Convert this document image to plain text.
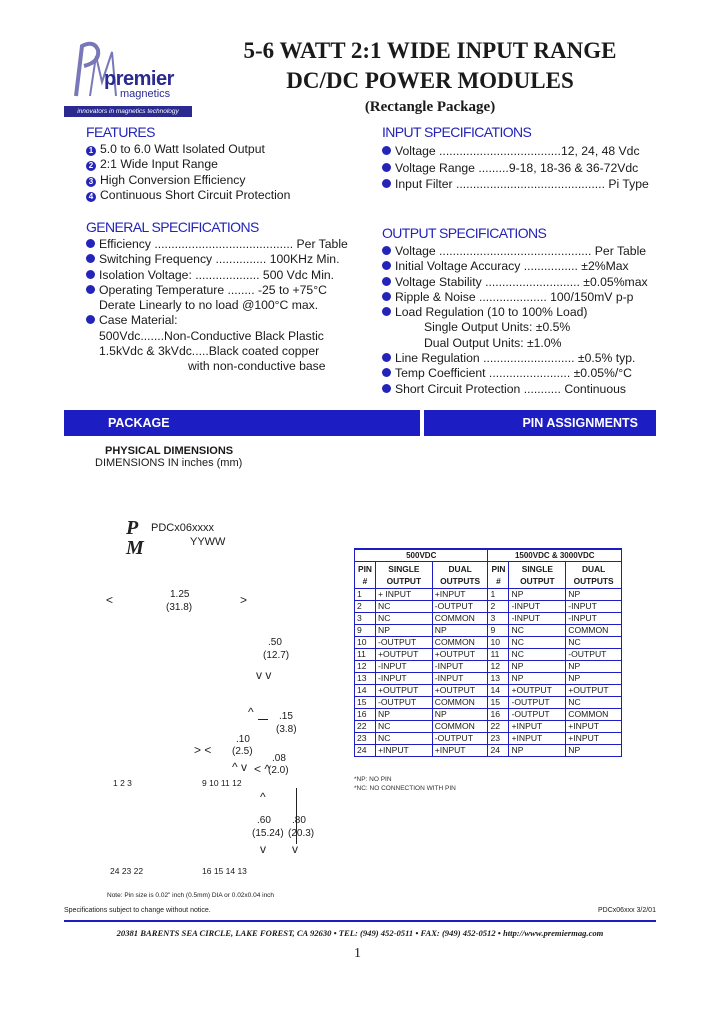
premier
magnetics
innovators in magnetics technology
5-6 WATT 2:1 WIDE INPUT RANGE
DC/DC POWER MODULES
(Rectangle Package)
FEATURES
1 5.0 to 6.0 Watt Isolated Output
2 2:1 Wide Input Range
3 High Conversion Efficiency
4 Continuous Short Circuit Protection
GENERAL SPECIFICATIONS
Efficiency ......................................... Per Table
Switching Frequency ............... 100KHz Min.
Isolation Voltage: ................... 500 Vdc Min.
Operating Temperature ........ -25 to +75°C
Derate Linearly to no load @100°C max.
Case Material:
500Vdc.......Non-Conductive Black Plastic
1.5kVdc & 3kVdc.....Black coated copper
with non-conductive base
INPUT SPECIFICATIONS
Voltage ....................................12, 24, 48 Vdc
Voltage Range .........9-18, 18-36 & 36-72Vdc
Input Filter ............................................ Pi Type
OUTPUT SPECIFICATIONS
Voltage ............................................. Per Table
Initial Voltage Accuracy ................ ±2%Max
Voltage Stability ............................ ±0.05%max
Ripple & Noise .................... 100/150mV p-p
Load Regulation (10 to 100% Load)
Single Output Units: ±0.5%
Dual Output Units: ±1.0%
Line Regulation ........................... ±0.5% typ.
Temp Coefficient ........................ ±0.05%/°C
Short Circuit Protection ........... Continuous
PACKAGE	PIN ASSIGNMENTS
PHYSICAL DIMENSIONS
DIMENSIONS IN inches (mm)
PM
PDCx06xxxx
YYWW
<	>
1.25
(31.8)
.50
(12.7)
v v
^	.15
(3.8)
.10
(2.5)
> <
^ v
.08
(2.0)
< ^
1 2 3	9 10 11 12
^
.60
(15.24)
.80
(20.3)
v v
24 23 22	16 15 14 13
Note: Pin size is 0.02" inch (0.5mm) DIA or 0.02x0.04 inch
500VDC			1500VDC & 3000VDC		
PIN #	SINGLE OUTPUT	DUAL OUTPUTS	PIN #	SINGLE OUTPUT	DUAL OUTPUTS
1	+ INPUT	+INPUT	1	NP	NP
2	NC	-OUTPUT	2	-INPUT	-INPUT
3	NC	COMMON	3	-INPUT	-INPUT
9	NP	NP	9	NC	COMMON
10	-OUTPUT	COMMON	10	NC	NC
11	+OUTPUT	+OUTPUT	11	NC	-OUTPUT
12	-INPUT	-INPUT	12	NP	NP
13	-INPUT	-INPUT	13	NP	NP
14	+OUTPUT	+OUTPUT	14	+OUTPUT	+OUTPUT
15	-OUTPUT	COMMON	15	-OUTPUT	NC
16	NP	NP	16	-OUTPUT	COMMON
22	NC	COMMON	22	+INPUT	+INPUT
23	NC	-OUTPUT	23	+INPUT	+INPUT
24	+INPUT	+INPUT	24	NP	NP
*NP: NO PIN
*NC: NO CONNECTION WITH PIN
Specifications subject to change without notice.	PDCx06xxx 3/2/01
20381 BARENTS SEA CIRCLE, LAKE FOREST, CA 92630 • TEL: (949) 452-0511 • FAX: (949) 452-0512 • http://www.premiermag.com
1
